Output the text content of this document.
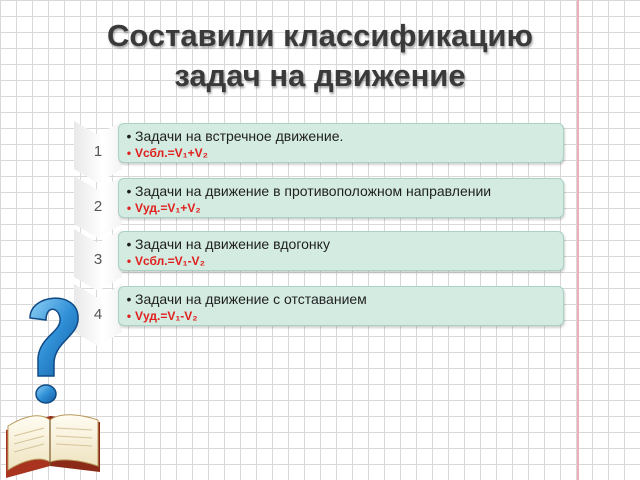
Составили классификацию
задач на движение
1
• Задачи на встречное движение.
• Vсбл.=V₁+V₂
2
• Задачи на движение в противоположном направлении
• Vуд.=V₁+V₂
3
• Задачи на движение вдогонку
• Vсбл.=V₁-V₂
4
• Задачи на движение с отставанием
• Vуд.=V₁-V₂
